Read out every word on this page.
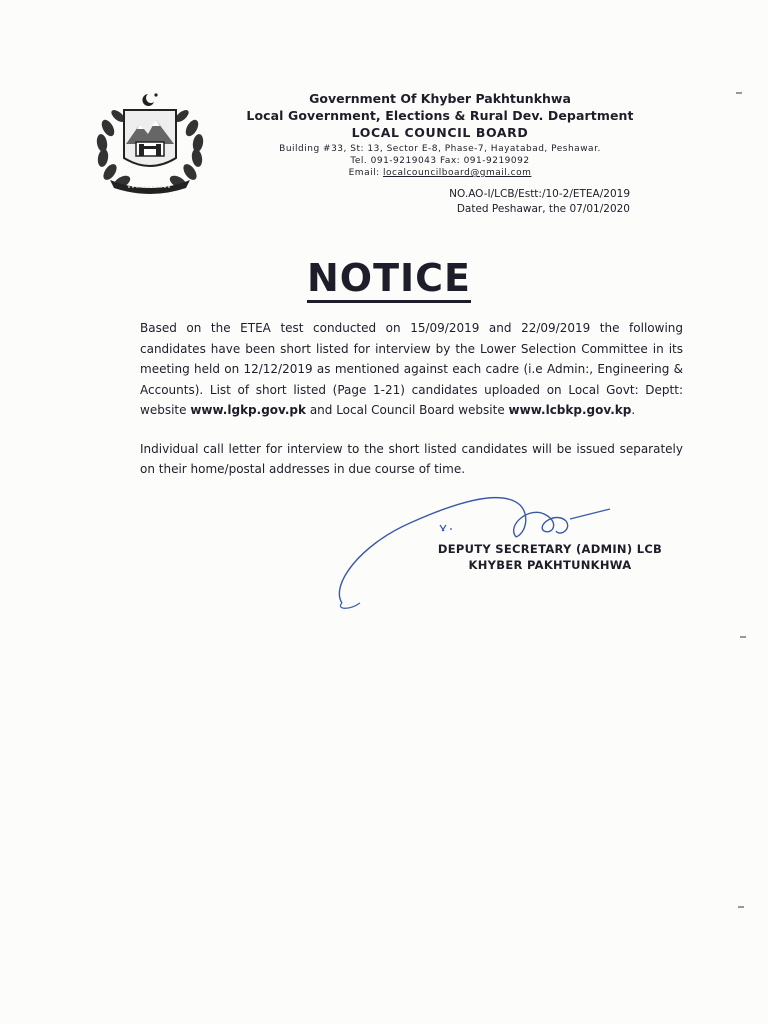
Government Of Khyber Pakhtunkhwa

Local Government, Elections & Rural Dev. Department

LOCAL COUNCIL BOARD

Building #33, St: 13, Sector E-8, Phase-7, Hayatabad, Peshawar.

Tel. 091-9219043 Fax: 091-9219092

Email: localcouncilboard@gmail.com

NO.AO-I/LCB/Estt:/10-2/ETEA/2019
Dated Peshawar, the 07/01/2020
NOTICE

Based on the ETEA test conducted on 15/09/2019 and 22/09/2019 the following candidates have been short listed for interview by the Lower Selection Committee in its meeting held on 12/12/2019 as mentioned against each cadre (i.e Admin:, Engineering & Accounts). List of short listed (Page 1-21) candidates uploaded on Local Govt: Deptt: website www.lgkp.gov.pk and Local Council Board website www.lcbkp.gov.kp.

Individual call letter for interview to the short listed candidates will be issued separately on their home/postal addresses in due course of time.

DEPUTY SECRETARY (ADMIN) LCB
KHYBER PAKHTUNKHWA
